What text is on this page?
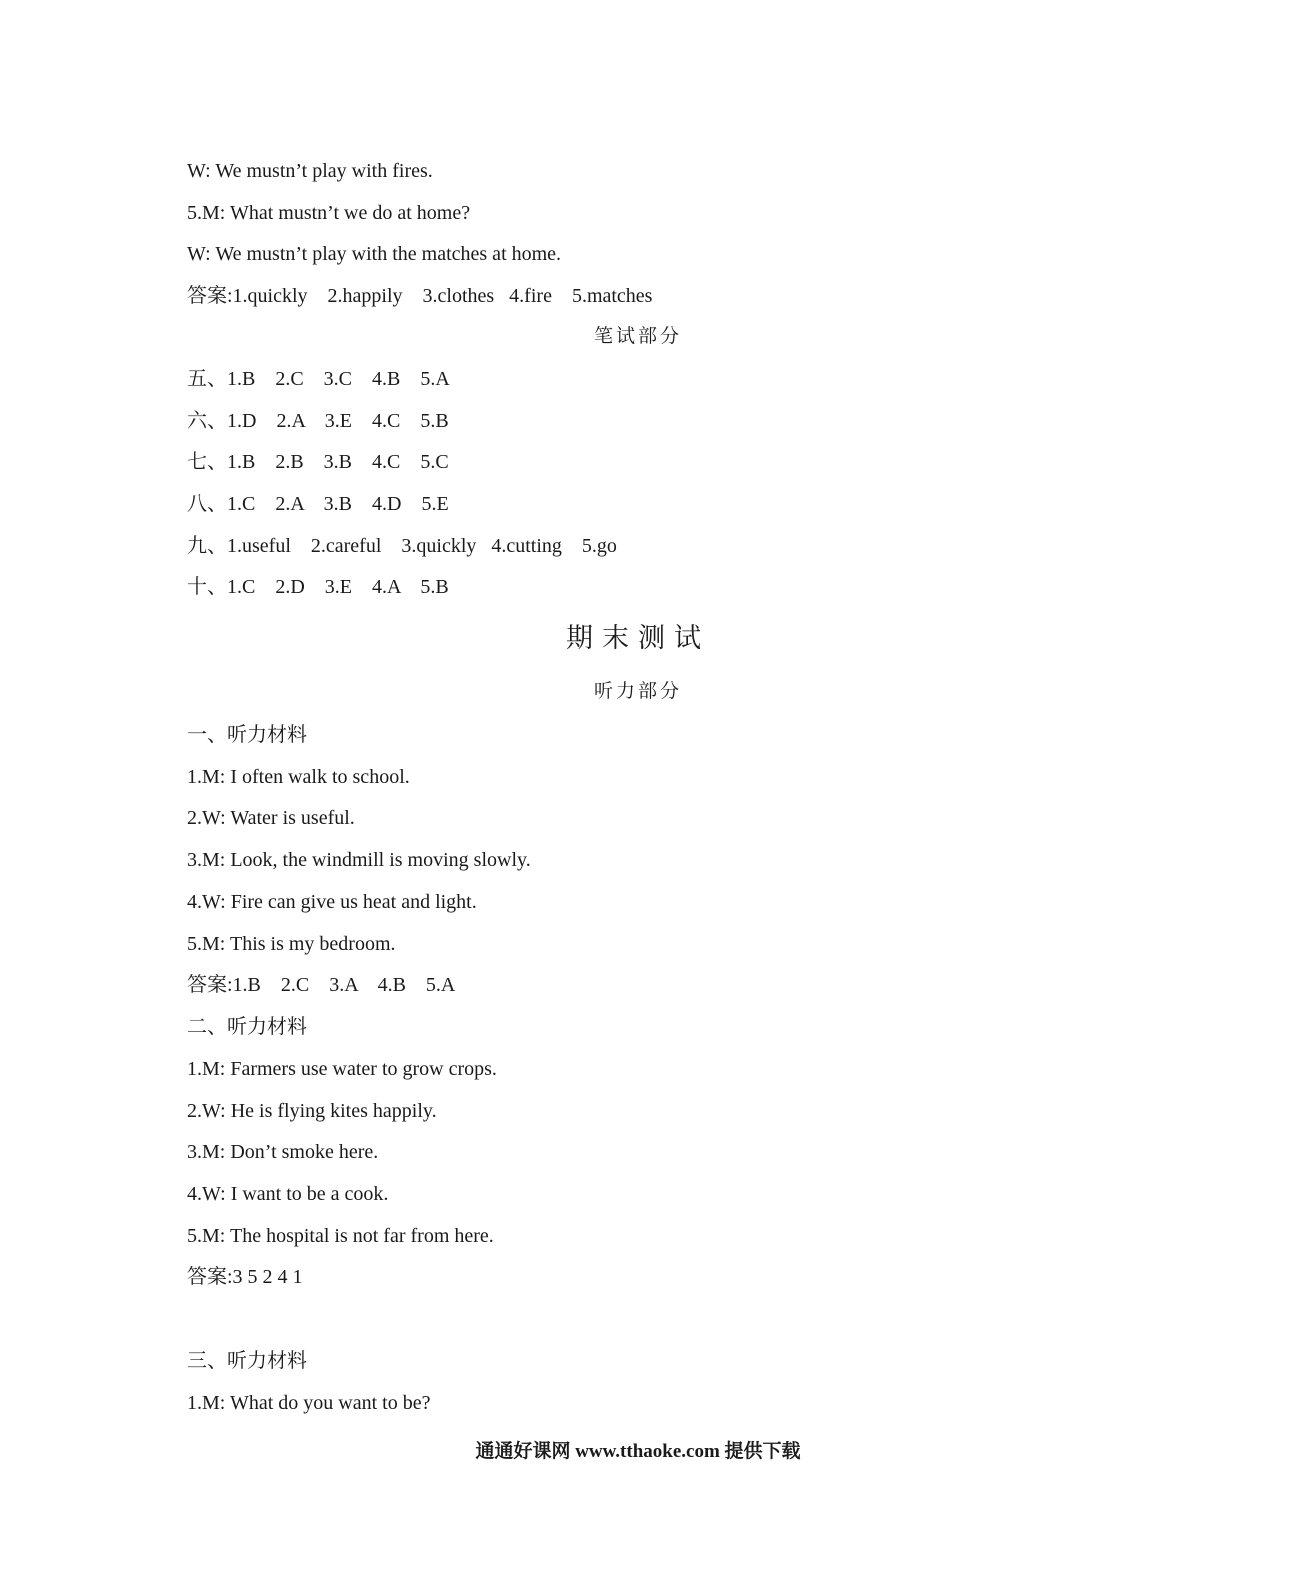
W: We mustn’t play with fires.
5.M: What mustn’t we do at home?
W: We mustn’t play with the matches at home.
答案:1.quickly    2.happily    3.clothes   4.fire    5.matches
笔试部分
五、1.B    2.C    3.C    4.B    5.A
六、1.D    2.A    3.E    4.C    5.B
七、1.B    2.B    3.B    4.C    5.C
八、1.C    2.A    3.B    4.D    5.E
九、1.useful    2.careful    3.quickly   4.cutting    5.go
十、1.C    2.D    3.E    4.A    5.B
期末测试
听力部分
一、听力材料
1.M: I often walk to school.
2.W: Water is useful.
3.M: Look, the windmill is moving slowly.
4.W: Fire can give us heat and light.
5.M: This is my bedroom.
答案:1.B    2.C    3.A    4.B    5.A
二、听力材料
1.M: Farmers use water to grow crops.
2.W: He is flying kites happily.
3.M: Don’t smoke here.
4.W: I want to be a cook.
5.M: The hospital is not far from here.
答案:3 5 2 4 1
三、听力材料
1.M: What do you want to be?
通通好课网 www.tthaoke.com 提供下载
